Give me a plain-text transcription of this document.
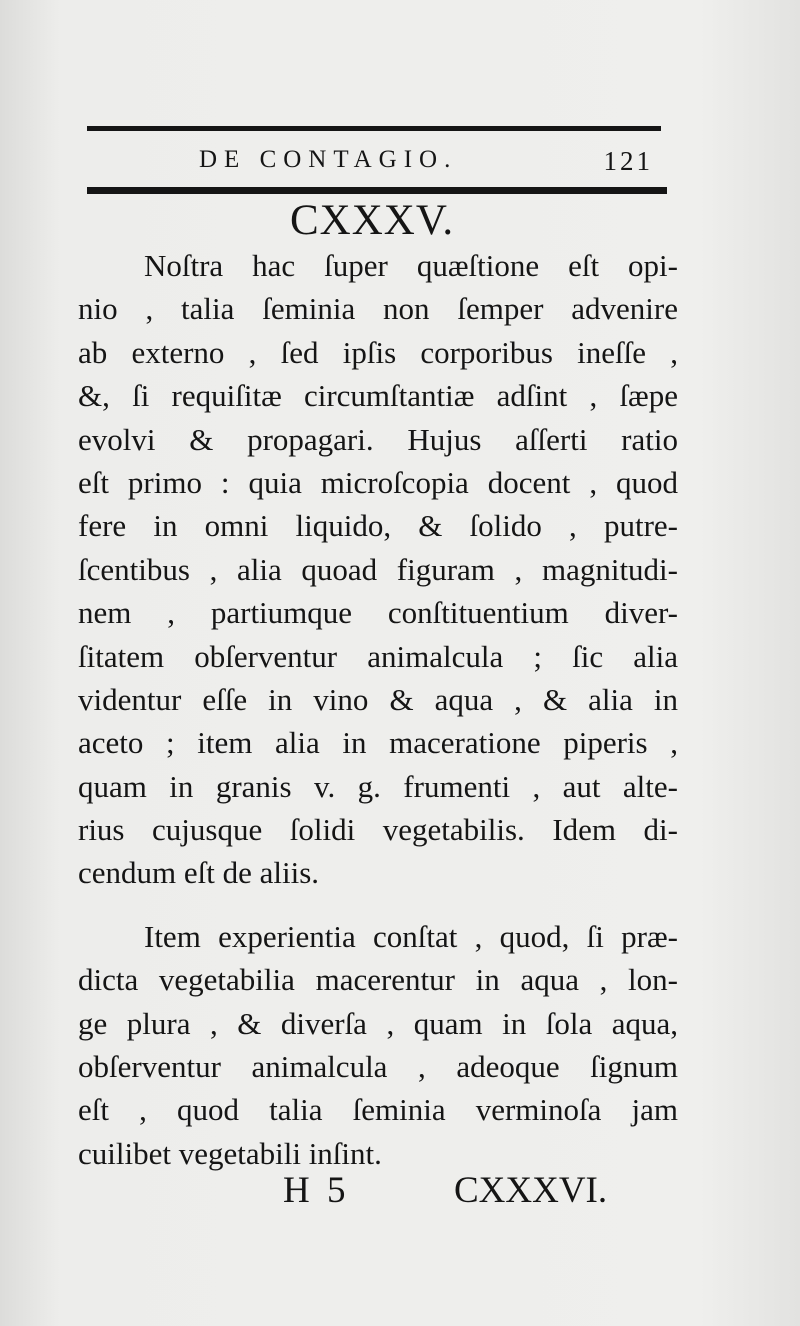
DE CONTAGIO.	121
CXXXV.
Noſtra hac ſuper quæſtione eſt opi-
nio , talia ſeminia non ſemper advenire
ab externo , ſed ipſis corporibus ineſſe ,
&, ſi requiſitæ circumſtantiæ adſint , ſæpe
evolvi & propagari. Hujus aſſerti ratio
eſt primo : quia microſcopia docent , quod
fere in omni liquido, & ſolido , putre-
ſcentibus , alia quoad figuram , magnitudi-
nem , partiumque conſtituentium diver-
ſitatem obſerventur animalcula ; ſic alia
videntur eſſe in vino & aqua , & alia in
aceto ; item alia in maceratione piperis ,
quam in granis v. g. frumenti , aut alte-
rius cujusque ſolidi vegetabilis. Idem di-
cendum eſt de aliis.
Item experientia conſtat , quod, ſi præ-
dicta vegetabilia macerentur in aqua , lon-
ge plura , & diverſa , quam in ſola aqua,
obſerventur animalcula , adeoque ſignum
eſt , quod talia ſeminia verminoſa jam
cuilibet vegetabili inſint.
H 5	CXXXVI.
